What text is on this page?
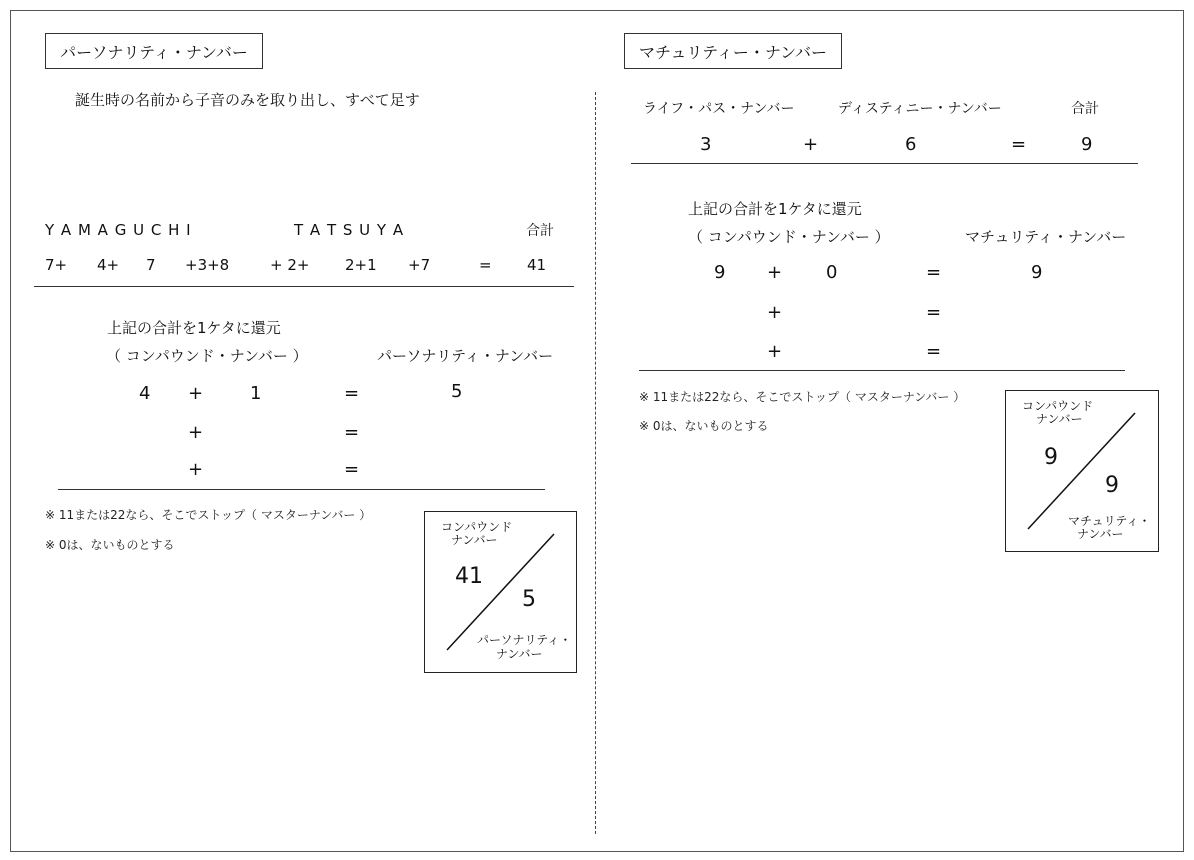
パーソナリティ・ナンバー
誕生時の名前から子音のみを取り出し、すべて足す
Y A M A G U C H I	T A T S U Y A	合計
7+ 4+ 7 +3+8	+ 2+ 2+1 +7	= 41
上記の合計を1ケタに還元
（ コンパウンド・ナンバー ）	パーソナリティ・ナンバー
4 +	1	=	5
+	=
+	=
※ 11または22なら、そこでストップ（ マスターナンバー ）
※ 0は、ないものとする
コンパウンド
ナンバー
41
5
パーソナリティ・
ナンバー
マチュリティー・ナンバー
ライフ・パス・ナンバー	ディスティニー・ナンバー	合計
3	+	6	=	9
上記の合計を1ケタに還元
（ コンパウンド・ナンバー ）	マチュリティ・ナンバー
9 + 0	=	9
+	=
+	=
※ 11または22なら、そこでストップ（ マスターナンバー ）
※ 0は、ないものとする
コンパウンド
ナンバー
9
9
マチュリティ・
ナンバー
